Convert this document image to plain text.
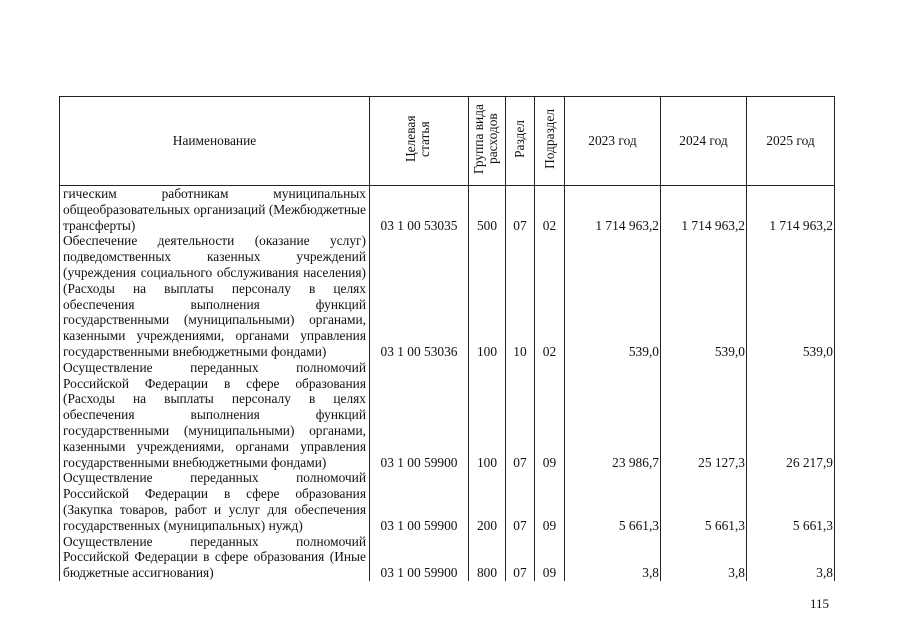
Наименование	Целевая статья	Группа вида расходов	Раздел	Подраздел	2023 год	2024 год	2025 год
гическим работникам муниципальных общеобразовательных организаций (Межбюджетные трансферты)	03 1 00 53035	500	07	02	1 714 963,2	1 714 963,2	1 714 963,2
Обеспечение деятельности (оказание услуг) подведомственных казенных учреждений (учреждения социального обслуживания населения) (Расходы на выплаты персоналу в целях обеспечения выполнения функций государственными (муниципальными) органами, казенными учреждениями, органами управления государственными внебюджетными фондами)	03 1 00 53036	100	10	02	539,0	539,0	539,0
Осуществление переданных полномочий Российской Федерации в сфере образования (Расходы на выплаты персоналу в целях обеспечения выполнения функций государственными (муниципальными) органами, казенными учреждениями, органами управления государственными внебюджетными фондами)	03 1 00 59900	100	07	09	23 986,7	25 127,3	26 217,9
Осуществление переданных полномочий Российской Федерации в сфере образования (Закупка товаров, работ и услуг для обеспечения государственных (муниципальных) нужд)	03 1 00 59900	200	07	09	5 661,3	5 661,3	5 661,3
Осуществление переданных полномочий Российской Федерации в сфере образования (Иные бюджетные ассигнования)	03 1 00 59900	800	07	09	3,8	3,8	3,8
115
